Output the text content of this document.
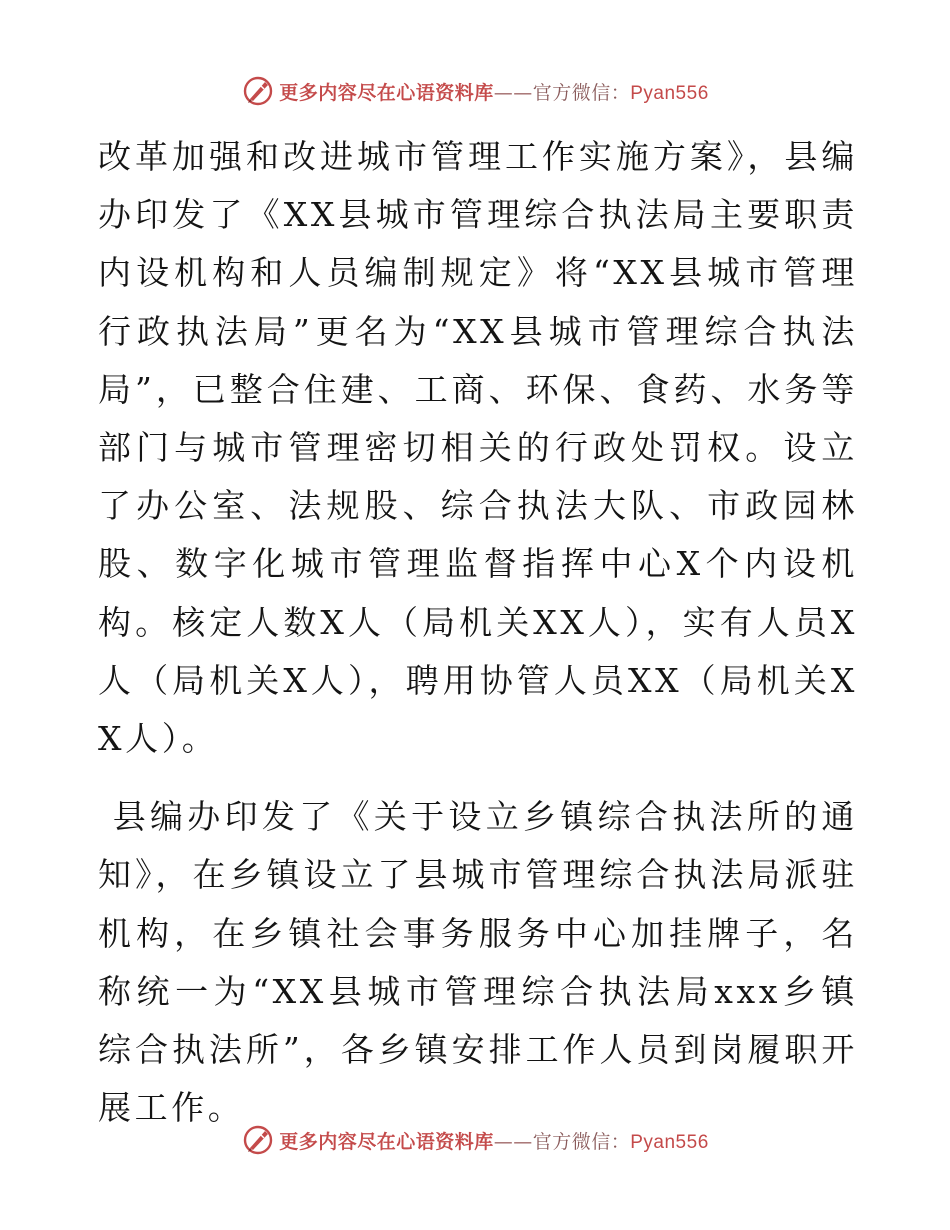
更多内容尽在心语资料库——官方微信：Pyan556

改革加强和改进城市管理工作实施方案》，县编办印发了《XX县城市管理综合执法局主要职责内设机构和人员编制规定》将“XX县城市管理行政执法局”更名为“XX县城市管理综合执法局”，已整合住建、工商、环保、食药、水务等部门与城市管理密切相关的行政处罚权。设立了办公室、法规股、综合执法大队、市政园林股、数字化城市管理监督指挥中心X个内设机构。核定人数X人（局机关XX人），实有人员X人（局机关X人），聘用协管人员XX（局机关XX人）。

县编办印发了《关于设立乡镇综合执法所的通知》，在乡镇设立了县城市管理综合执法局派驻机构，在乡镇社会事务服务中心加挂牌子，名称统一为“XX县城市管理综合执法局xxx乡镇综合执法所”，各乡镇安排工作人员到岗履职开展工作。

更多内容尽在心语资料库——官方微信：Pyan556
